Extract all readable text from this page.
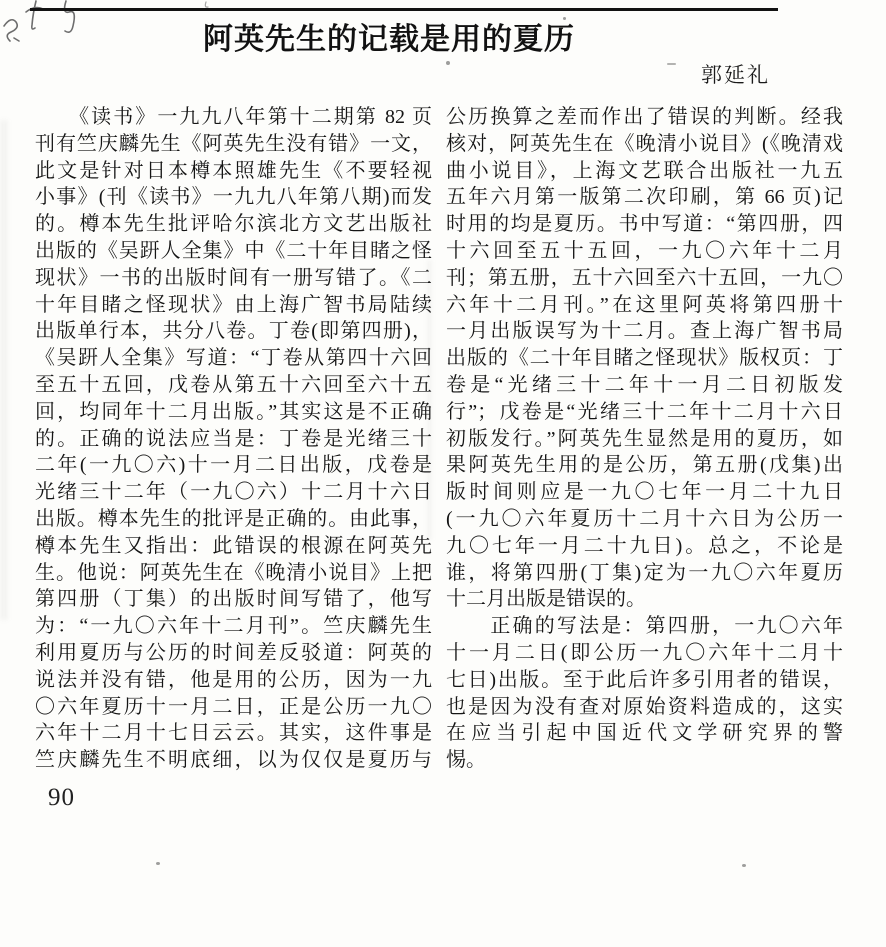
阿英先生的记载是用的夏历
郭延礼
　　《读书》一九九八年第十二期第 82 页
刊有竺庆麟先生《阿英先生没有错》一文，
此文是针对日本樽本照雄先生《不要轻视
小事》(刊《读书》一九九八年第八期)而发
的。樽本先生批评哈尔滨北方文艺出版社
出版的《吴趼人全集》中《二十年目睹之怪
现状》一书的出版时间有一册写错了。《二
十年目睹之怪现状》由上海广智书局陆续
出版单行本，共分八卷。丁卷(即第四册)，
《吴趼人全集》写道：“丁卷从第四十六回
至五十五回，戊卷从第五十六回至六十五
回，均同年十二月出版。”其实这是不正确
的。正确的说法应当是：丁卷是光绪三十
二年(一九〇六)十一月二日出版，戊卷是
光绪三十二年（一九〇六）十二月十六日
出版。樽本先生的批评是正确的。由此事，
樽本先生又指出：此错误的根源在阿英先
生。他说：阿英先生在《晚清小说目》上把
第四册（丁集）的出版时间写错了，他写
为：“一九〇六年十二月刊”。竺庆麟先生
利用夏历与公历的时间差反驳道：阿英的
说法并没有错，他是用的公历，因为一九
〇六年夏历十一月二日，正是公历一九〇
六年十二月十七日云云。其实，这件事是
竺庆麟先生不明底细，以为仅仅是夏历与
公历换算之差而作出了错误的判断。经我
核对，阿英先生在《晚清小说目》(《晚清戏
曲小说目》，上海文艺联合出版社一九五
五年六月第一版第二次印刷，第 66 页)记
时用的均是夏历。书中写道：“第四册，四
十六回至五十五回，一九〇六年十二月
刊；第五册，五十六回至六十五回，一九〇
六年十二月刊。”在这里阿英将第四册十
一月出版误写为十二月。查上海广智书局
出版的《二十年目睹之怪现状》版权页：丁
卷是“光绪三十二年十一月二日初版发
行”；戊卷是“光绪三十二年十二月十六日
初版发行。”阿英先生显然是用的夏历，如
果阿英先生用的是公历，第五册(戊集)出
版时间则应是一九〇七年一月二十九日
(一九〇六年夏历十二月十六日为公历一
九〇七年一月二十九日)。总之，不论是
谁，将第四册(丁集)定为一九〇六年夏历
十二月出版是错误的。
　　正确的写法是：第四册，一九〇六年
十一月二日(即公历一九〇六年十二月十
七日)出版。至于此后许多引用者的错误，
也是因为没有查对原始资料造成的，这实
在应当引起中国近代文学研究界的警
惕。
90
